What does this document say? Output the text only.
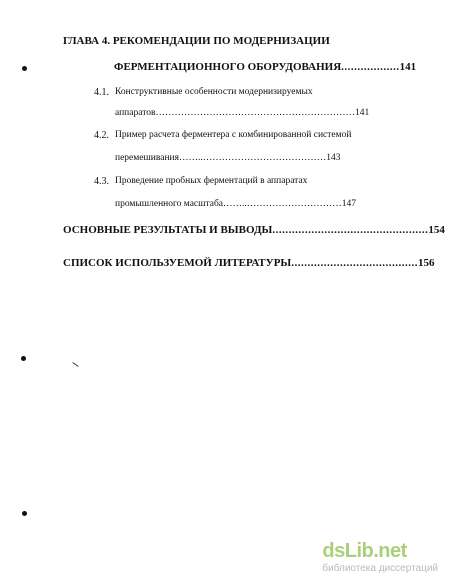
ГЛАВА 4. РЕКОМЕНДАЦИИ ПО МОДЕРНИЗАЦИИ
ФЕРМЕНТАЦИОННОГО ОБОРУДОВАНИЯ..................141
4.1. Конструктивные особенности модернизируемых
аппаратов………………………………………………………141
4.2. Пример расчета ферментера с комбинированной системой
перемешивания……..…………………………………143
4.3. Проведение пробных ферментаций в аппаратах
промышленного масштаба……..…………………………147
ОСНОВНЫЕ РЕЗУЛЬТАТЫ И ВЫВОДЫ................................................154
СПИСОК ИСПОЛЬЗУЕМОЙ ЛИТЕРАТУРЫ.......................................156
dsLib.net
библиотека диссертаций
